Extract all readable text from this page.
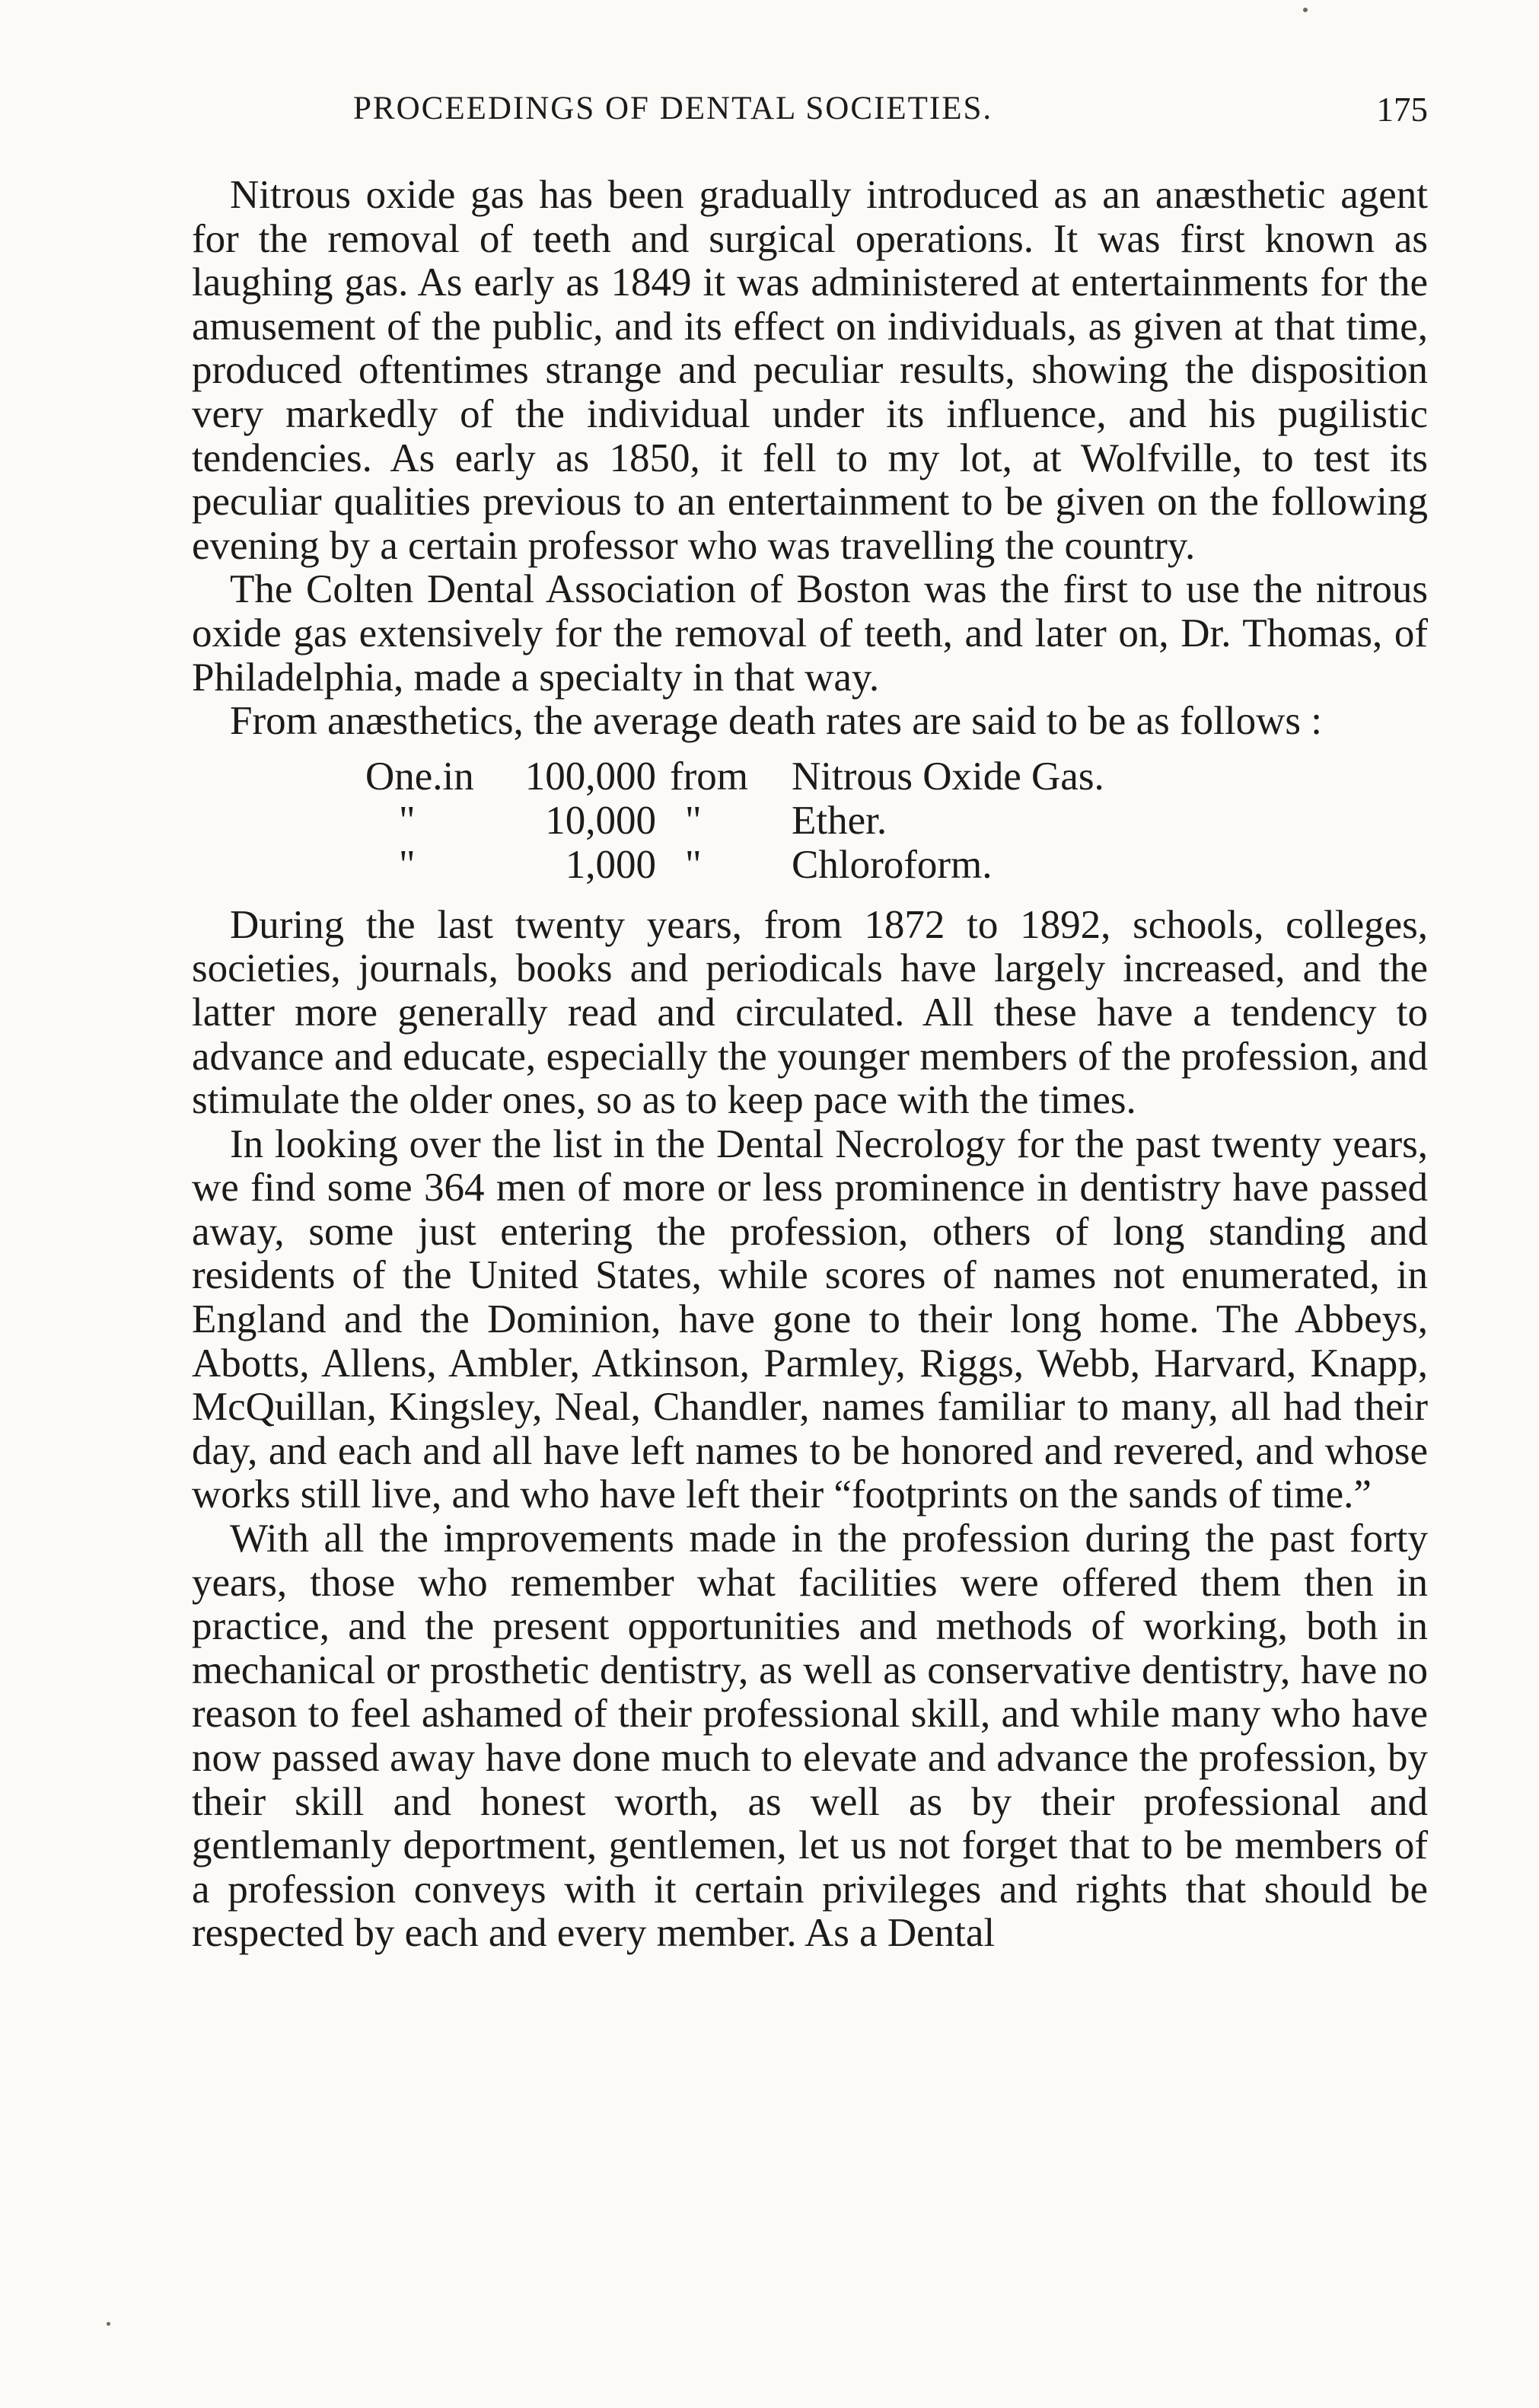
PROCEEDINGS OF DENTAL SOCIETIES.	175

Nitrous oxide gas has been gradually introduced as an anæsthetic agent for the removal of teeth and surgical operations. It was first known as laughing gas. As early as 1849 it was administered at entertainments for the amusement of the public, and its effect on individuals, as given at that time, produced oftentimes strange and peculiar results, showing the disposition very markedly of the individual under its influence, and his pugilistic tendencies. As early as 1850, it fell to my lot, at Wolfville, to test its peculiar qualities previous to an entertainment to be given on the following evening by a certain professor who was travelling the country.

The Colten Dental Association of Boston was the first to use the nitrous oxide gas extensively for the removal of teeth, and later on, Dr. Thomas, of Philadelphia, made a specialty in that way.

From anæsthetics, the average death rates are said to be as follows :

One.in	100,000 from Nitrous Oxide Gas.
"	10,000 " Ether.
"	1,000 " Chloroform.

During the last twenty years, from 1872 to 1892, schools, colleges, societies, journals, books and periodicals have largely increased, and the latter more generally read and circulated. All these have a tendency to advance and educate, especially the younger members of the profession, and stimulate the older ones, so as to keep pace with the times.

In looking over the list in the Dental Necrology for the past twenty years, we find some 364 men of more or less prominence in dentistry have passed away, some just entering the profession, others of long standing and residents of the United States, while scores of names not enumerated, in England and the Dominion, have gone to their long home. The Abbeys, Abotts, Allens, Ambler, Atkinson, Parmley, Riggs, Webb, Harvard, Knapp, McQuillan, Kingsley, Neal, Chandler, names familiar to many, all had their day, and each and all have left names to be honored and revered, and whose works still live, and who have left their “footprints on the sands of time.”

With all the improvements made in the profession during the past forty years, those who remember what facilities were offered them then in practice, and the present opportunities and methods of working, both in mechanical or prosthetic dentistry, as well as conservative dentistry, have no reason to feel ashamed of their professional skill, and while many who have now passed away have done much to elevate and advance the profession, by their skill and honest worth, as well as by their professional and gentlemanly deportment, gentlemen, let us not forget that to be members of a profession conveys with it certain privileges and rights that should be respected by each and every member. As a Dental
